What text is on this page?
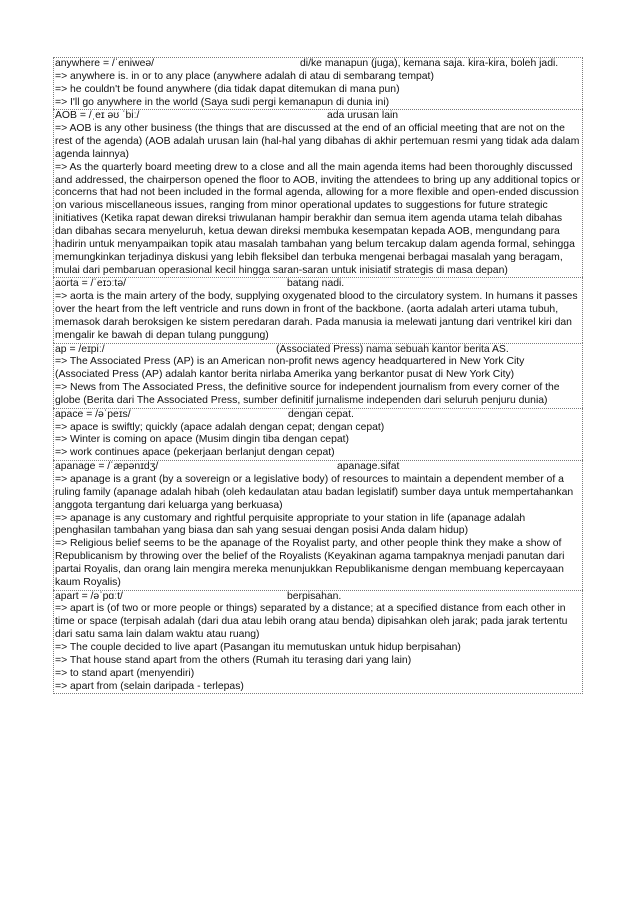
anywhere = /ˈeniweə/	di/ke manapun (juga), kemana saja. kira-kira, boleh jadi.
=> anywhere is. in or to any place (anywhere adalah di atau di sembarang tempat)
=> he couldn't be found anywhere (dia tidak dapat ditemukan di mana pun)
=> I'll go anywhere in the world (Saya sudi pergi kemanapun di dunia ini)
AOB = /ˌeɪ əʊ ˈbiː/	ada urusan lain
=> AOB is any other business (the things that are discussed at the end of an official meeting that are not on the rest of the agenda) (AOB adalah urusan lain (hal-hal yang dibahas di akhir pertemuan resmi yang tidak ada dalam agenda lainnya)
=> As the quarterly board meeting drew to a close and all the main agenda items had been thoroughly discussed and addressed, the chairperson opened the floor to AOB, inviting the attendees to bring up any additional topics or concerns that had not been included in the formal agenda, allowing for a more flexible and open-ended discussion on various miscellaneous issues, ranging from minor operational updates to suggestions for future strategic initiatives (Ketika rapat dewan direksi triwulanan hampir berakhir dan semua item agenda utama telah dibahas dan dibahas secara menyeluruh, ketua dewan direksi membuka kesempatan kepada AOB, mengundang para hadirin untuk menyampaikan topik atau masalah tambahan yang belum tercakup dalam agenda formal, sehingga memungkinkan terjadinya diskusi yang lebih fleksibel dan terbuka mengenai berbagai masalah yang beragam, mulai dari pembaruan operasional kecil hingga saran-saran untuk inisiatif strategis di masa depan)
aorta = /ˈeɪɔːtə/	batang nadi.
=> aorta is the main artery of the body, supplying oxygenated blood to the circulatory system. In humans it passes over the heart from the left ventricle and runs down in front of the backbone. (aorta adalah arteri utama tubuh, memasok darah beroksigen ke sistem peredaran darah. Pada manusia ia melewati jantung dari ventrikel kiri dan mengalir ke bawah di depan tulang punggung)
ap = /eɪpiː/	(Associated Press) nama sebuah kantor berita AS.
=> The Associated Press (AP) is an American non-profit news agency headquartered in New York City (Associated Press (AP) adalah kantor berita nirlaba Amerika yang berkantor pusat di New York City)
=> News from The Associated Press, the definitive source for independent journalism from every corner of the globe (Berita dari The Associated Press, sumber definitif jurnalisme independen dari seluruh penjuru dunia)
apace = /əˈpeɪs/	dengan cepat.
=> apace is swiftly; quickly (apace adalah dengan cepat; dengan cepat)
=> Winter is coming on apace (Musim dingin tiba dengan cepat)
=> work continues apace (pekerjaan berlanjut dengan cepat)
apanage = /ˈæpənɪdʒ/	apanage.sifat
=> apanage is a grant (by a sovereign or a legislative body) of resources to maintain a dependent member of a ruling family (apanage adalah hibah (oleh kedaulatan atau badan legislatif) sumber daya untuk mempertahankan anggota tergantung dari keluarga yang berkuasa)
=> apanage is any customary and rightful perquisite appropriate to your station in life (apanage adalah penghasilan tambahan yang biasa dan sah yang sesuai dengan posisi Anda dalam hidup)
=> Religious belief seems to be the apanage of the Royalist party, and other people think they make a show of Republicanism by throwing over the belief of the Royalists (Keyakinan agama tampaknya menjadi panutan dari partai Royalis, dan orang lain mengira mereka menunjukkan Republikanisme dengan membuang kepercayaan kaum Royalis)
apart = /əˈpɑːt/	berpisahan.
=> apart is (of two or more people or things) separated by a distance; at a specified distance from each other in time or space (terpisah adalah (dari dua atau lebih orang atau benda) dipisahkan oleh jarak; pada jarak tertentu dari satu sama lain dalam waktu atau ruang)
=> The couple decided to live apart (Pasangan itu memutuskan untuk hidup berpisahan)
=> That house stand apart from the others (Rumah itu terasing dari yang lain)
=> to stand apart (menyendiri)
=> apart from (selain daripada - terlepas)
